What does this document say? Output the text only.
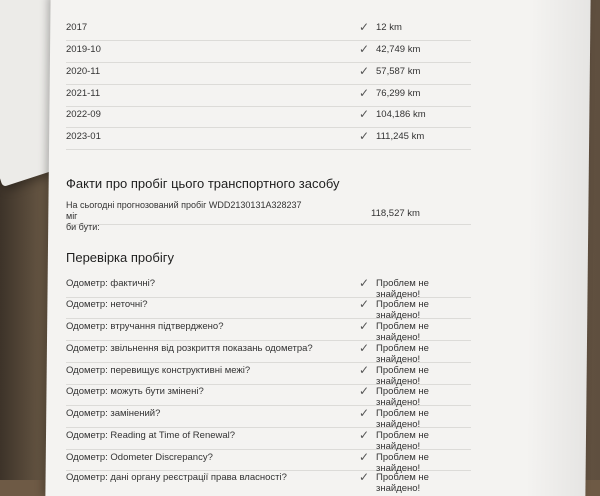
2017	✓ 12 km
2019-10	✓ 42,749 km
2020-11	✓ 57,587 km
2021-11	✓ 76,299 km
2022-09	✓ 104,186 km
2023-01	✓ 111,245 km
Факти про пробіг цього транспортного засобу
На сьогодні прогнозований пробіг WDD2130131A328237 міг
би бути:
118,527 km
Перевірка пробігу
Одометр: фактичні?	✓ Проблем не знайдено!
Одометр: неточні?	✓ Проблем не знайдено!
Одометр: втручання підтверджено?	✓ Проблем не знайдено!
Одометр: звільнення від розкриття показань одометра?	✓ Проблем не знайдено!
Одометр: перевищує конструктивні межі?	✓ Проблем не знайдено!
Одометр: можуть бути змінені?	✓ Проблем не знайдено!
Одометр: замінений?	✓ Проблем не знайдено!
Одометр: Reading at Time of Renewal?	✓ Проблем не знайдено!
Одометр: Odometer Discrepancy?	✓ Проблем не знайдено!
Одометр: дані органу реєстрації права власності?	✓ Проблем не знайдено!
